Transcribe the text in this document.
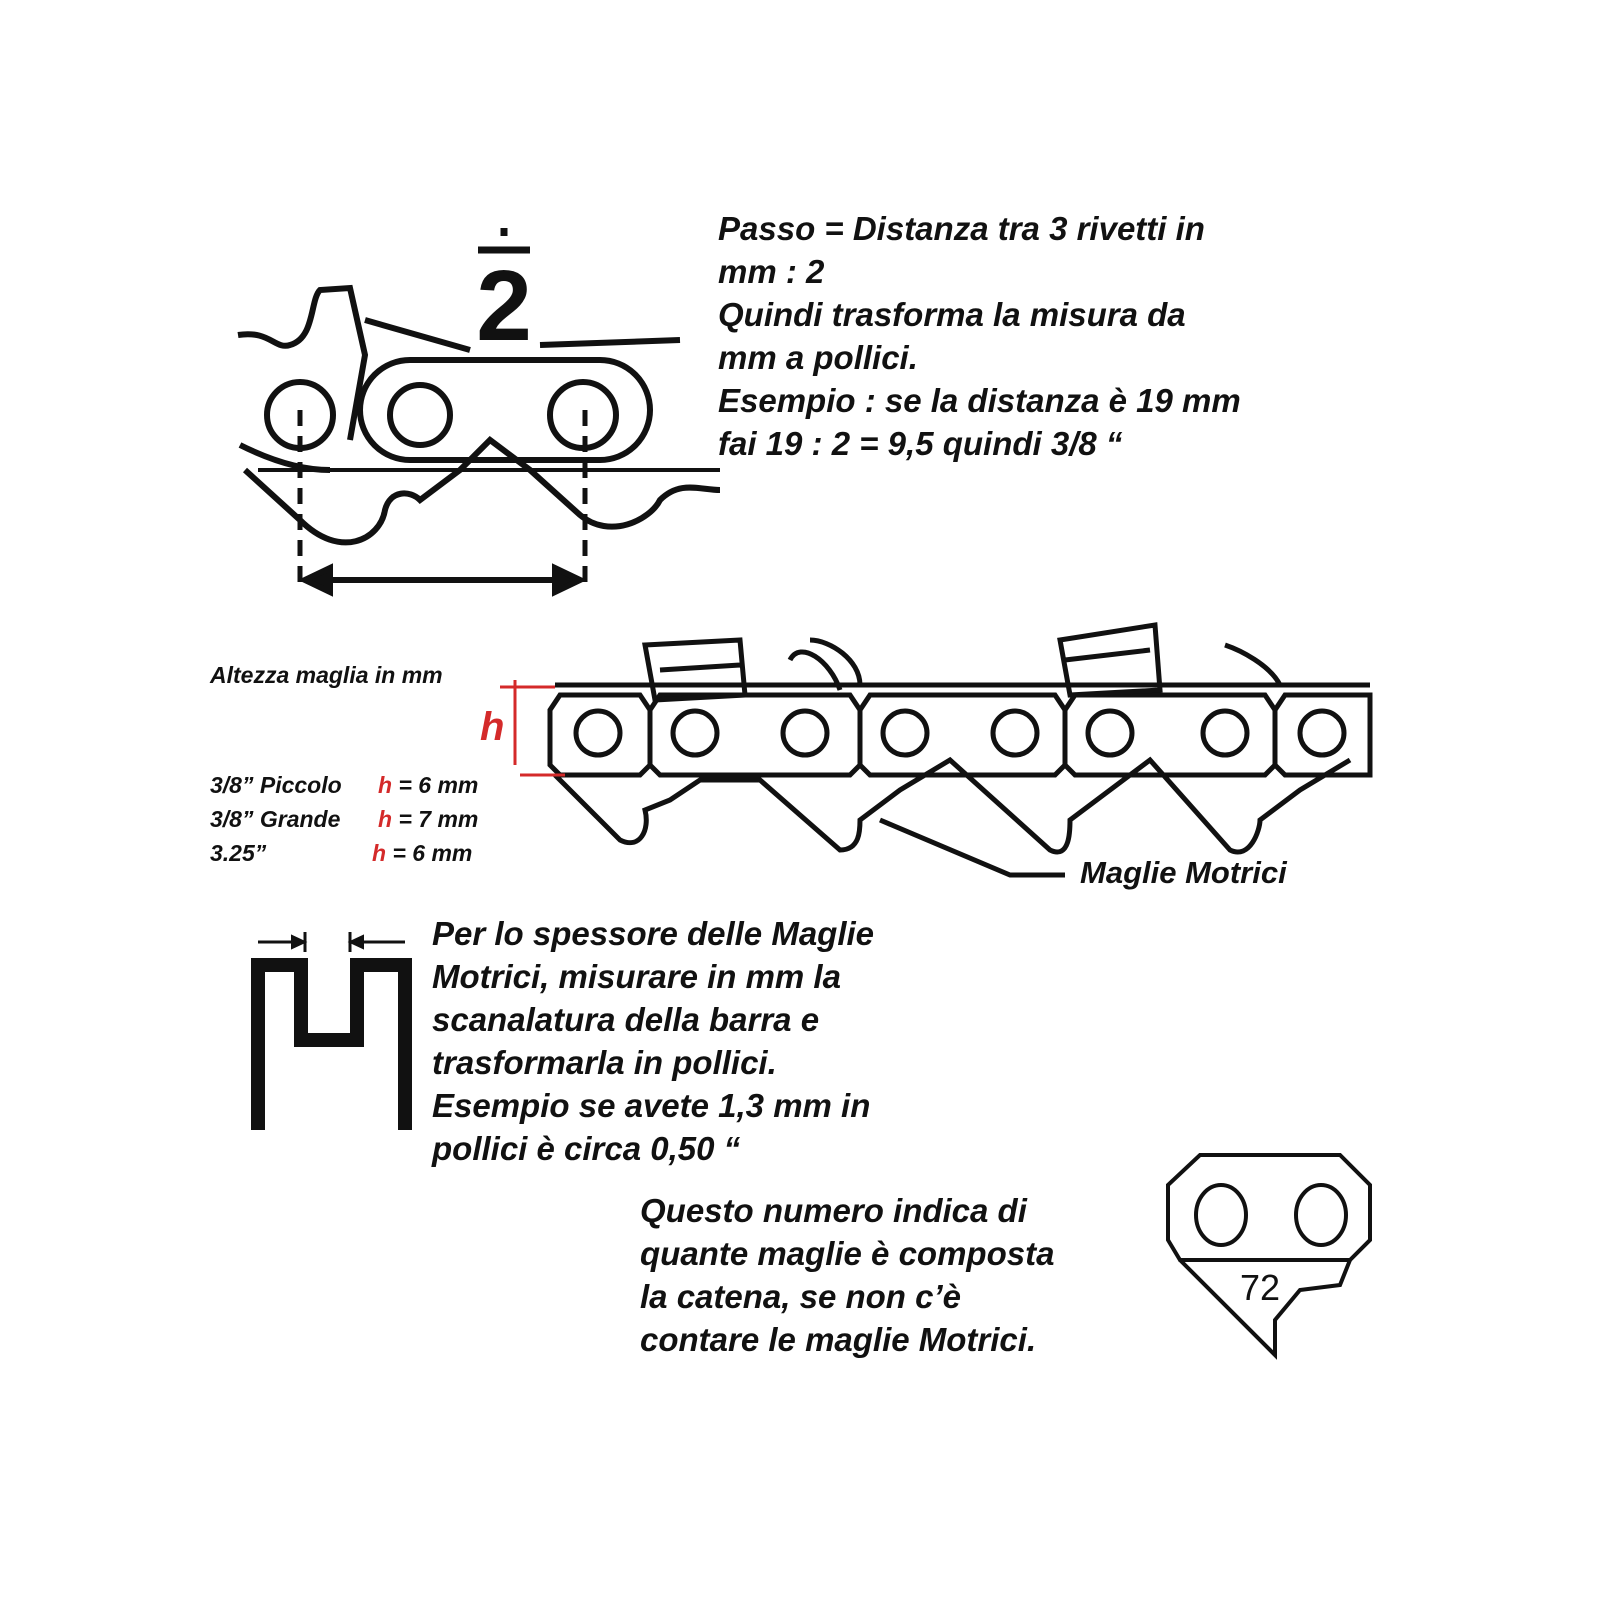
2
72
Passo = Distanza tra 3 rivetti in
mm : 2
Quindi trasforma la misura da
mm a pollici.
Esempio : se la distanza è 19 mm
fai 19 : 2 = 9,5 quindi 3/8 “
Altezza maglia in mm
h
3/8” Piccolo h = 6 mm
3/8” Grande h = 7 mm
3.25”	h = 6 mm
Maglie Motrici
Per lo spessore delle Maglie
Motrici, misurare in mm la
scanalatura della barra e
trasformarla in pollici.
Esempio se avete 1,3 mm in
pollici è circa 0,50 “
Questo numero indica di
quante maglie è composta
la catena, se non c’è
contare le maglie Motrici.
